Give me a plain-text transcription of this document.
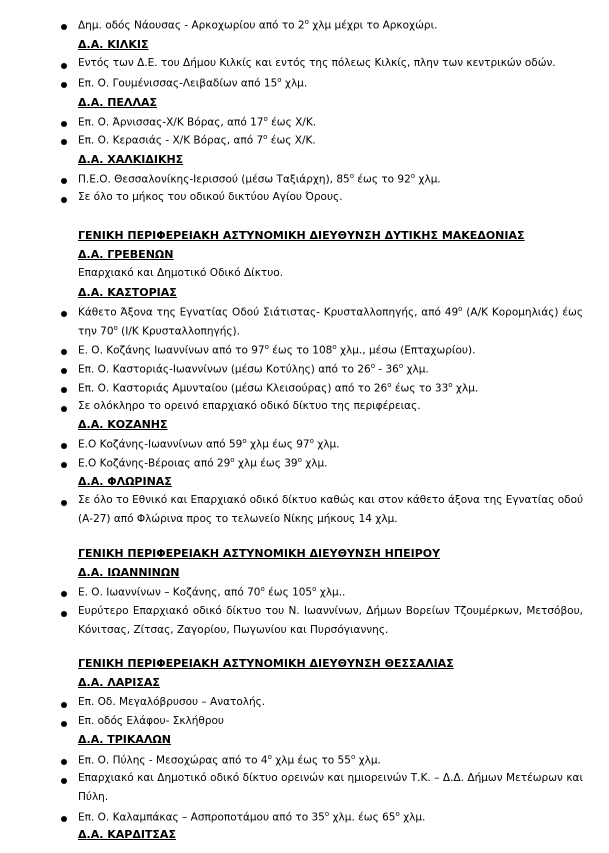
Δημ. οδός Νάουσας - Αρκοχωρίου από το $2^o$ χλμ μέχρι το Αρκοχώρι.
Δ.Α. ΚΙΛΚΙΣ
Εντός των Δ.Ε. του Δήμου Κιλκίς και εντός της πόλεως Κιλκίς, πλην των κεντρικών οδών.
Επ. Ο. Γουμένισσας-Λειβαδίων από $15^o$ χλμ.
Δ.Α. ΠΕΛΛΑΣ
Επ. Ο. Άρνισσας-Χ/Κ Βόρας, από $17^o$ έως Χ/Κ.
Επ. Ο. Κερασιάς - Χ/Κ Βόρας, από $7^o$ έως Χ/Κ.
Δ.Α. ΧΑΛΚΙΔΙΚΗΣ
Π.Ε.Ο. Θεσσαλονίκης-Ιερισσού (μέσω Ταξιάρχη), $85^o$ έως το $92^o$ χλμ.
Σε όλο το μήκος του οδικού δικτύου Αγίου Όρους.
ΓΕΝΙΚΗ ΠΕΡΙΦΕΡΕΙΑΚΗ ΑΣΤΥΝΟΜΙΚΗ ΔΙΕΥΘΥΝΣΗ ΔΥΤΙΚΗΣ ΜΑΚΕΔΟΝΙΑΣ
Δ.Α. ΓΡΕΒΕΝΩΝ
Επαρχιακό και Δημοτικό Οδικό Δίκτυο.
Δ.Α. ΚΑΣΤΟΡΙΑΣ
Κάθετο Άξονα της Εγνατίας Οδού Σιάτιστας- Κρυσταλλοπηγής, από $49^o$ (Α/Κ Κορομηλιάς) έως
την $70^o$ (Ι/Κ Κρυσταλλοπηγής).
Ε. Ο. Κοζάνης Ιωαννίνων από το $97^o$ έως το $108^o$ χλμ., μέσω (Επταχωρίου).
Επ. Ο. Καστοριάς-Ιωαννίνων (μέσω Κοτύλης) από το $26^o - 36^o$ χλμ.
Επ. Ο. Καστοριάς Αμυνταίου (μέσω Κλεισούρας) από το $26^o$ έως το $33^o$ χλμ.
Σε ολόκληρο το ορεινό επαρχιακό οδικό δίκτυο της περιφέρειας.
Δ.Α. ΚΟΖΑΝΗΣ
Ε.Ο Κοζάνης-Ιωαννίνων από $59^o$ χλμ έως $97^o$ χλμ.
Ε.Ο Κοζάνης-Βέροιας από $29^o$ χλμ έως $39^o$ χλμ.
Δ.Α. ΦΛΩΡΙΝΑΣ
Σε όλο το Εθνικό και Επαρχιακό οδικό δίκτυο καθώς και στον κάθετο άξονα της Εγνατίας οδού
(Α-27) από Φλώρινα προς το τελωνείο Νίκης μήκους 14 χλμ.
ΓΕΝΙΚΗ ΠΕΡΙΦΕΡΕΙΑΚΗ ΑΣΤΥΝΟΜΙΚΗ ΔΙΕΥΘΥΝΣΗ ΗΠΕΙΡΟΥ
Δ.Α. ΙΩΑΝΝΙΝΩΝ
Ε. Ο. Ιωαννίνων – Κοζάνης, από $70^o$ έως $105^o$ χλμ..
Ευρύτερο Επαρχιακό οδικό δίκτυο του Ν. Ιωαννίνων, Δήμων Βορείων Τζουμέρκων, Μετσόβου,
Κόνιτσας, Ζίτσας, Ζαγορίου, Πωγωνίου και Πυρσόγιαννης.
ΓΕΝΙΚΗ ΠΕΡΙΦΕΡΕΙΑΚΗ ΑΣΤΥΝΟΜΙΚΗ ΔΙΕΥΘΥΝΣΗ ΘΕΣΣΑΛΙΑΣ
Δ.Α. ΛΑΡΙΣΑΣ
Επ. Οδ. Μεγαλόβρυσου – Ανατολής.
Επ. οδός Ελάφου- Σκλήθρου
Δ.Α. ΤΡΙΚΑΛΩΝ
Επ. Ο. Πύλης - Μεσοχώρας από το $4^o$ χλμ έως το $55^o$ χλμ.
Επαρχιακό και Δημοτικό οδικό δίκτυο ορεινών και ημιορεινών Τ.Κ. – Δ.Δ. Δήμων Μετέωρων και
Πύλη.
Επ. Ο. Καλαμπάκας – Ασπροποτάμου από το $35^o$ χλμ. έως $65^o$ χλμ.
Δ.Α. ΚΑΡΔΙΤΣΑΣ
